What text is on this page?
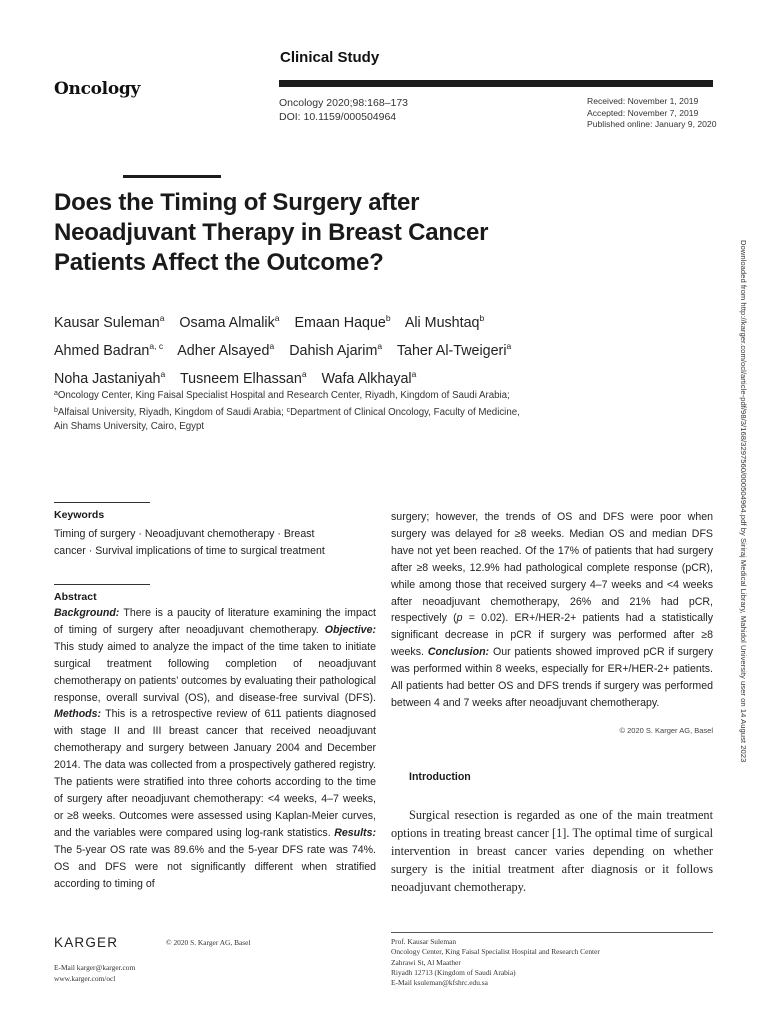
Clinical Study
Oncology
Oncology 2020;98:168–173
DOI: 10.1159/000504964
Received: November 1, 2019
Accepted: November 7, 2019
Published online: January 9, 2020
Does the Timing of Surgery after
Neoadjuvant Therapy in Breast Cancer
Patients Affect the Outcome?
Kausar Suleman$^a$ Osama Almalik$^a$ Emaan Haque$^b$ Ali Mushtaq$^b$
Ahmed Badran$^{a, c}$ Adher Alsayed$^a$ Dahish Ajarim$^a$ Taher Al-Tweigeri$^a$
Noha Jastaniyah$^a$ Tusneem Elhassan$^a$ Wafa Alkhayal$^a$
$^a$Oncology Center, King Faisal Specialist Hospital and Research Center, Riyadh, Kingdom of Saudi Arabia;
$^b$Alfaisal University, Riyadh, Kingdom of Saudi Arabia; $^c$Department of Clinical Oncology, Faculty of Medicine,
Ain Shams University, Cairo, Egypt	Downloaded from http://karger.com/ocl/article-pdf/98/3/168/3297560/000504964.pdf by Siriraj Medical Library, Mahidol University user on 14 August 2023
Keywords
Timing of surgery · Neoadjuvant chemotherapy · Breast
cancer · Survival implications of time to surgical treatment
Abstract
Background: There is a paucity of literature examining the impact of timing of surgery after neoadjuvant chemotherapy. Objective: This study aimed to analyze the impact of the time taken to initiate surgical treatment following completion of neoadjuvant chemotherapy on patients’ outcomes by evaluating their pathological response, overall survival (OS), and disease-free survival (DFS). Methods: This is a retrospective review of 611 patients diagnosed with stage II and III breast cancer that received neoadjuvant chemotherapy and surgery between January 2004 and December 2014. The data was collected from a prospectively gathered registry. The patients were stratified into three cohorts according to the time of surgery after neoadjuvant chemotherapy: <4 weeks, 4–7 weeks, or ≥8 weeks. Outcomes were assessed using Kaplan-Meier curves, and the variables were compared using log-rank statistics. Results: The 5-year OS rate was 89.6% and the 5-year DFS rate was 74%. OS and DFS were not significantly different when stratified according to timing of
surgery; however, the trends of OS and DFS were poor when surgery was delayed for ≥8 weeks. Median OS and median DFS have not yet been reached. Of the 17% of patients that had surgery after ≥8 weeks, 12.9% had pathological complete response (pCR), while among those that received surgery 4–7 weeks and <4 weeks after neoadjuvant chemotherapy, 26% and 21% had pCR, respectively (p = 0.02). ER+/HER-2+ patients had a statistically significant decrease in pCR if surgery was performed after ≥8 weeks. Conclusion: Our patients showed improved pCR if surgery was performed within 8 weeks, especially for ER+/HER-2+ patients. All patients had better OS and DFS trends if surgery was performed between 4 and 7 weeks after neoadjuvant chemotherapy.
© 2020 S. Karger AG, Basel
Introduction

Surgical resection is regarded as one of the main treatment options in treating breast cancer [1]. The optimal time of surgical intervention in breast cancer varies depending on whether surgery is the initial treatment after diagnosis or it follows neoadjuvant chemotherapy.

KARGER	© 2020 S. Karger AG, Basel
E-Mail karger@karger.com
www.karger.com/ocl
Prof. Kausar Suleman
Oncology Center, King Faisal Specialist Hospital and Research Center
Zahrawi St, Al Maather
Riyadh 12713 (Kingdom of Saudi Arabia)
E-Mail ksuleman@kfshrc.edu.sa
